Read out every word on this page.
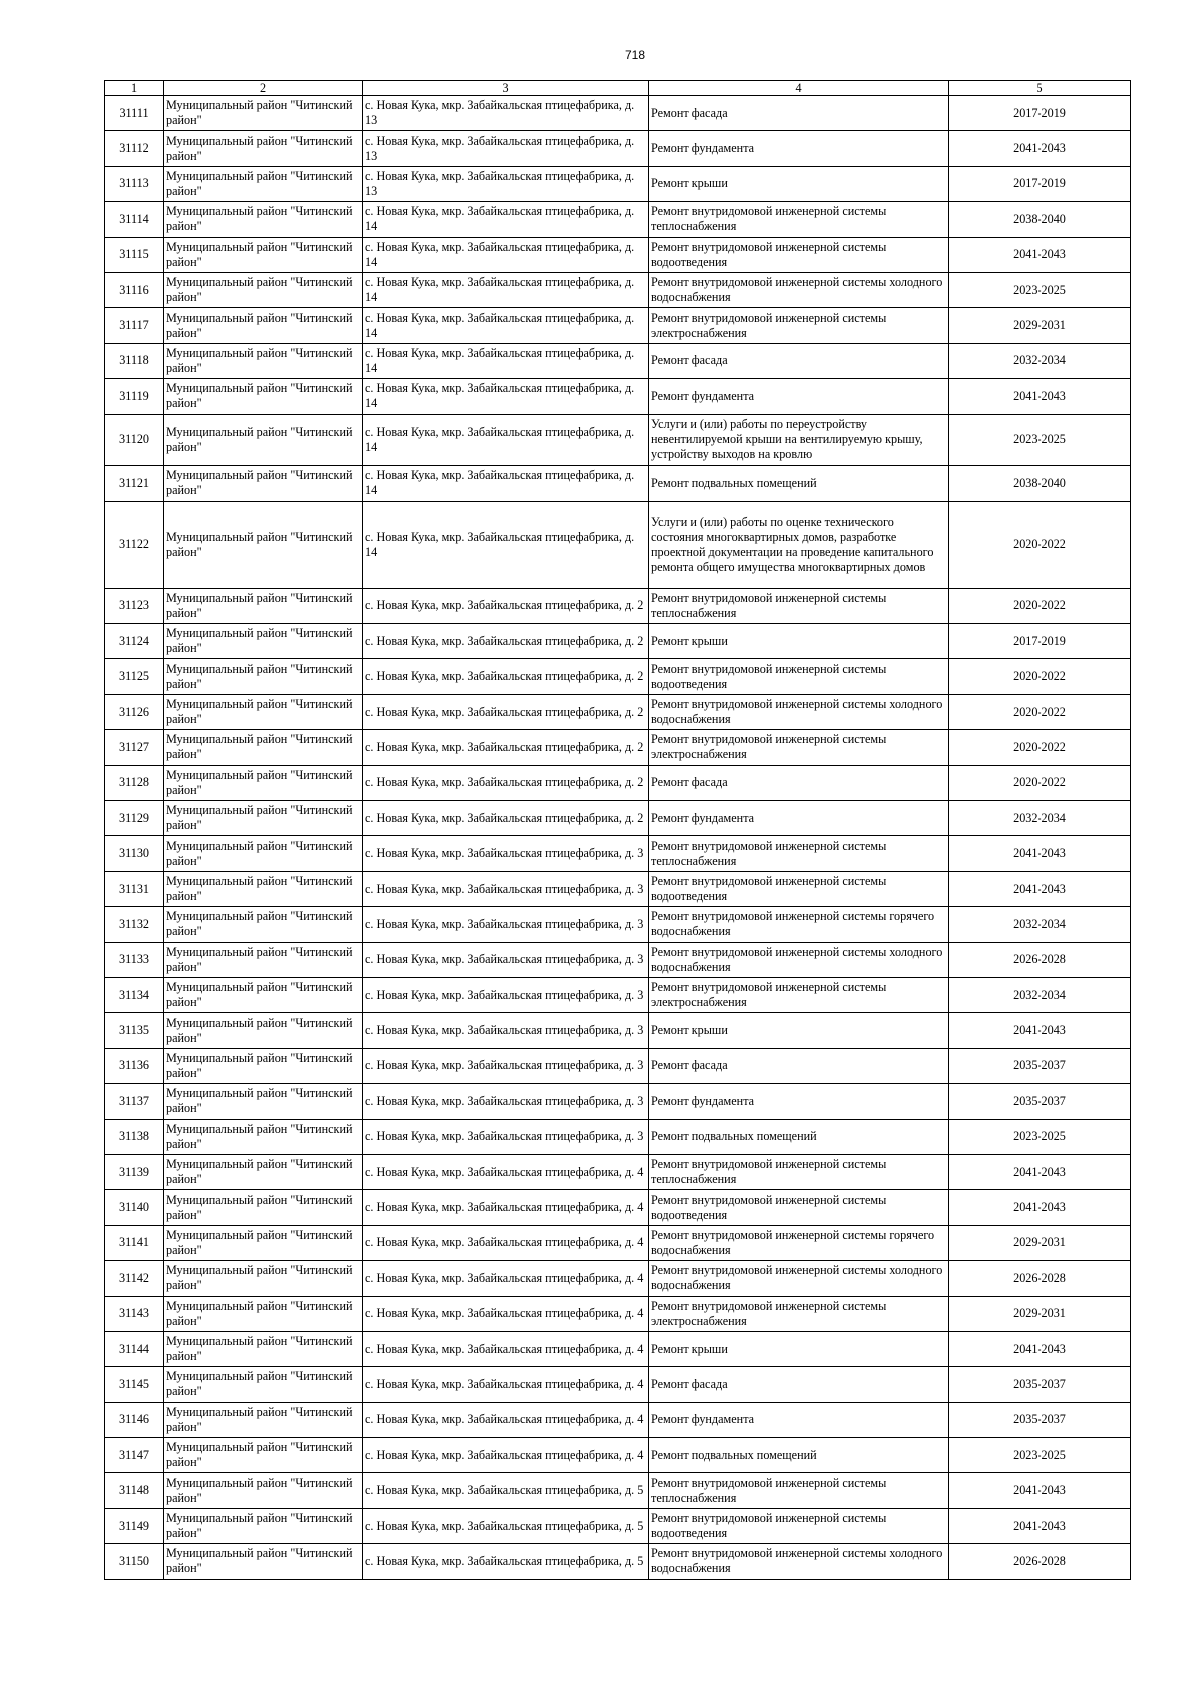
718
1	2	3	4	5
31111	Муниципальный район "Читинский район"	с. Новая Кука, мкр. Забайкальская птицефабрика, д. 13	Ремонт фасада	2017-2019
31112	Муниципальный район "Читинский район"	с. Новая Кука, мкр. Забайкальская птицефабрика, д. 13	Ремонт фундамента	2041-2043
31113	Муниципальный район "Читинский район"	с. Новая Кука, мкр. Забайкальская птицефабрика, д. 13	Ремонт крыши	2017-2019
31114	Муниципальный район "Читинский район"	с. Новая Кука, мкр. Забайкальская птицефабрика, д. 14	Ремонт внутридомовой инженерной системы теплоснабжения	2038-2040
31115	Муниципальный район "Читинский район"	с. Новая Кука, мкр. Забайкальская птицефабрика, д. 14	Ремонт внутридомовой инженерной системы водоотведения	2041-2043
31116	Муниципальный район "Читинский район"	с. Новая Кука, мкр. Забайкальская птицефабрика, д. 14	Ремонт внутридомовой инженерной системы холодного водоснабжения	2023-2025
31117	Муниципальный район "Читинский район"	с. Новая Кука, мкр. Забайкальская птицефабрика, д. 14	Ремонт внутридомовой инженерной системы электроснабжения	2029-2031
31118	Муниципальный район "Читинский район"	с. Новая Кука, мкр. Забайкальская птицефабрика, д. 14	Ремонт фасада	2032-2034
31119	Муниципальный район "Читинский район"	с. Новая Кука, мкр. Забайкальская птицефабрика, д. 14	Ремонт фундамента	2041-2043
31120	Муниципальный район "Читинский район"	с. Новая Кука, мкр. Забайкальская птицефабрика, д. 14	Услуги и (или) работы по переустройству невентилируемой крыши на вентилируемую крышу, устройству выходов на кровлю	2023-2025
31121	Муниципальный район "Читинский район"	с. Новая Кука, мкр. Забайкальская птицефабрика, д. 14	Ремонт подвальных помещений	2038-2040
31122	Муниципальный район "Читинский район"	с. Новая Кука, мкр. Забайкальская птицефабрика, д. 14	Услуги и (или) работы по оценке технического состояния многоквартирных домов, разработке проектной документации на проведение капитального ремонта общего имущества многоквартирных домов	2020-2022
31123	Муниципальный район "Читинский район"	с. Новая Кука, мкр. Забайкальская птицефабрика, д. 2	Ремонт внутридомовой инженерной системы теплоснабжения	2020-2022
31124	Муниципальный район "Читинский район"	с. Новая Кука, мкр. Забайкальская птицефабрика, д. 2	Ремонт крыши	2017-2019
31125	Муниципальный район "Читинский район"	с. Новая Кука, мкр. Забайкальская птицефабрика, д. 2	Ремонт внутридомовой инженерной системы водоотведения	2020-2022
31126	Муниципальный район "Читинский район"	с. Новая Кука, мкр. Забайкальская птицефабрика, д. 2	Ремонт внутридомовой инженерной системы холодного водоснабжения	2020-2022
31127	Муниципальный район "Читинский район"	с. Новая Кука, мкр. Забайкальская птицефабрика, д. 2	Ремонт внутридомовой инженерной системы электроснабжения	2020-2022
31128	Муниципальный район "Читинский район"	с. Новая Кука, мкр. Забайкальская птицефабрика, д. 2	Ремонт фасада	2020-2022
31129	Муниципальный район "Читинский район"	с. Новая Кука, мкр. Забайкальская птицефабрика, д. 2	Ремонт фундамента	2032-2034
31130	Муниципальный район "Читинский район"	с. Новая Кука, мкр. Забайкальская птицефабрика, д. 3	Ремонт внутридомовой инженерной системы теплоснабжения	2041-2043
31131	Муниципальный район "Читинский район"	с. Новая Кука, мкр. Забайкальская птицефабрика, д. 3	Ремонт внутридомовой инженерной системы водоотведения	2041-2043
31132	Муниципальный район "Читинский район"	с. Новая Кука, мкр. Забайкальская птицефабрика, д. 3	Ремонт внутридомовой инженерной системы горячего водоснабжения	2032-2034
31133	Муниципальный район "Читинский район"	с. Новая Кука, мкр. Забайкальская птицефабрика, д. 3	Ремонт внутридомовой инженерной системы холодного водоснабжения	2026-2028
31134	Муниципальный район "Читинский район"	с. Новая Кука, мкр. Забайкальская птицефабрика, д. 3	Ремонт внутридомовой инженерной системы электроснабжения	2032-2034
31135	Муниципальный район "Читинский район"	с. Новая Кука, мкр. Забайкальская птицефабрика, д. 3	Ремонт крыши	2041-2043
31136	Муниципальный район "Читинский район"	с. Новая Кука, мкр. Забайкальская птицефабрика, д. 3	Ремонт фасада	2035-2037
31137	Муниципальный район "Читинский район"	с. Новая Кука, мкр. Забайкальская птицефабрика, д. 3	Ремонт фундамента	2035-2037
31138	Муниципальный район "Читинский район"	с. Новая Кука, мкр. Забайкальская птицефабрика, д. 3	Ремонт подвальных помещений	2023-2025
31139	Муниципальный район "Читинский район"	с. Новая Кука, мкр. Забайкальская птицефабрика, д. 4	Ремонт внутридомовой инженерной системы теплоснабжения	2041-2043
31140	Муниципальный район "Читинский район"	с. Новая Кука, мкр. Забайкальская птицефабрика, д. 4	Ремонт внутридомовой инженерной системы водоотведения	2041-2043
31141	Муниципальный район "Читинский район"	с. Новая Кука, мкр. Забайкальская птицефабрика, д. 4	Ремонт внутридомовой инженерной системы горячего водоснабжения	2029-2031
31142	Муниципальный район "Читинский район"	с. Новая Кука, мкр. Забайкальская птицефабрика, д. 4	Ремонт внутридомовой инженерной системы холодного водоснабжения	2026-2028
31143	Муниципальный район "Читинский район"	с. Новая Кука, мкр. Забайкальская птицефабрика, д. 4	Ремонт внутридомовой инженерной системы электроснабжения	2029-2031
31144	Муниципальный район "Читинский район"	с. Новая Кука, мкр. Забайкальская птицефабрика, д. 4	Ремонт крыши	2041-2043
31145	Муниципальный район "Читинский район"	с. Новая Кука, мкр. Забайкальская птицефабрика, д. 4	Ремонт фасада	2035-2037
31146	Муниципальный район "Читинский район"	с. Новая Кука, мкр. Забайкальская птицефабрика, д. 4	Ремонт фундамента	2035-2037
31147	Муниципальный район "Читинский район"	с. Новая Кука, мкр. Забайкальская птицефабрика, д. 4	Ремонт подвальных помещений	2023-2025
31148	Муниципальный район "Читинский район"	с. Новая Кука, мкр. Забайкальская птицефабрика, д. 5	Ремонт внутридомовой инженерной системы теплоснабжения	2041-2043
31149	Муниципальный район "Читинский район"	с. Новая Кука, мкр. Забайкальская птицефабрика, д. 5	Ремонт внутридомовой инженерной системы водоотведения	2041-2043
31150	Муниципальный район "Читинский район"	с. Новая Кука, мкр. Забайкальская птицефабрика, д. 5	Ремонт внутридомовой инженерной системы холодного водоснабжения	2026-2028
